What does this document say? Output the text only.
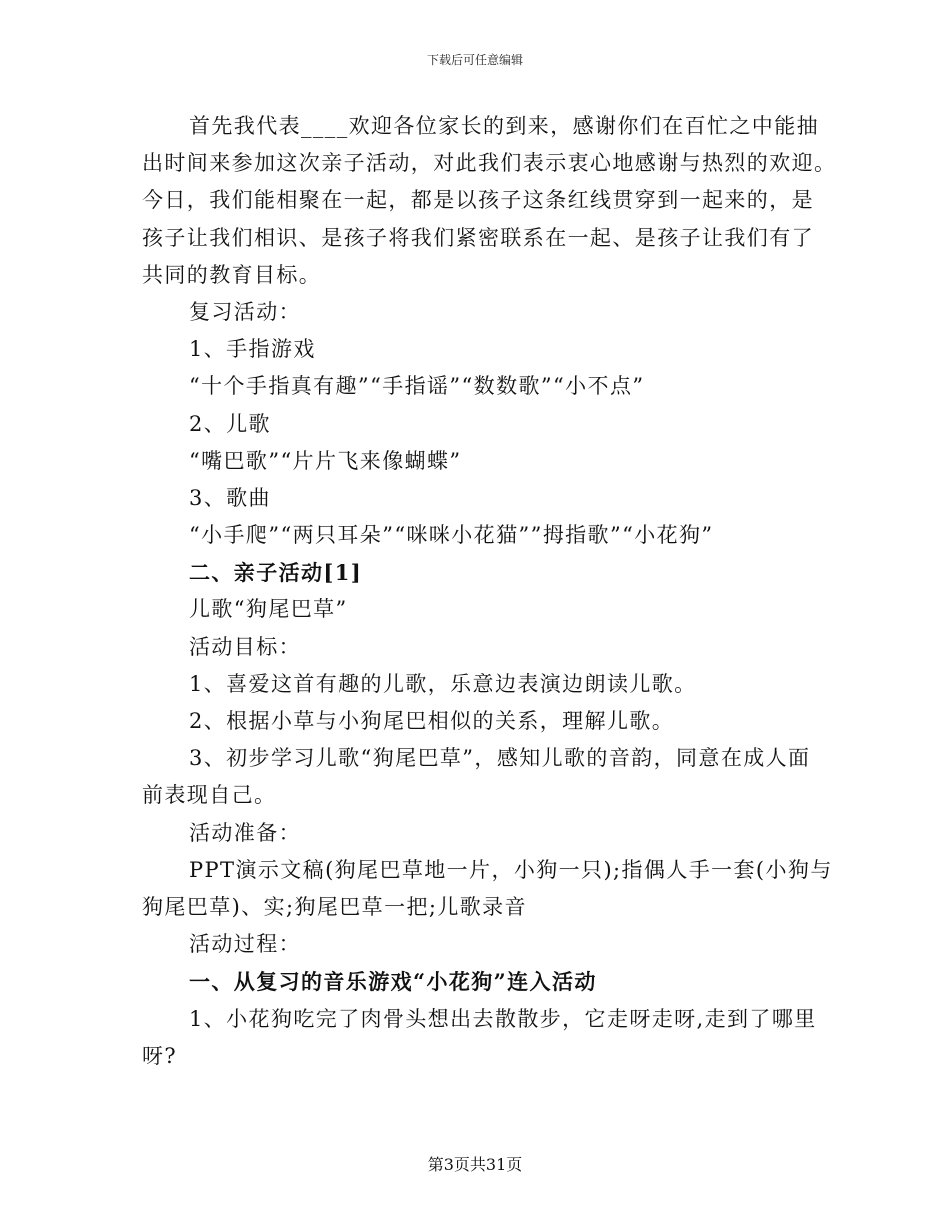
下载后可任意编辑
首先我代表____欢迎各位家长的到来，感谢你们在百忙之中能抽
出时间来参加这次亲子活动，对此我们表示衷心地感谢与热烈的欢迎。
今日，我们能相聚在一起，都是以孩子这条红线贯穿到一起来的，是
孩子让我们相识、是孩子将我们紧密联系在一起、是孩子让我们有了
共同的教育目标。
复习活动：
1、手指游戏
“十个手指真有趣”“手指谣”“数数歌”“小不点”
2、儿歌
“嘴巴歌”“片片飞来像蝴蝶”
3、歌曲
“小手爬”“两只耳朵”“咪咪小花猫””拇指歌”“小花狗”
二、亲子活动[1]
儿歌“狗尾巴草”
活动目标：
1、喜爱这首有趣的儿歌，乐意边表演边朗读儿歌。
2、根据小草与小狗尾巴相似的关系，理解儿歌。
3、初步学习儿歌“狗尾巴草”，感知儿歌的音韵，同意在成人面
前表现自己。
活动准备：
PPT演示文稿(狗尾巴草地一片，小狗一只);指偶人手一套(小狗与
狗尾巴草)、实;狗尾巴草一把;儿歌录音
活动过程：
一、从复习的音乐游戏“小花狗”连入活动
1、小花狗吃完了肉骨头想出去散散步，它走呀走呀,走到了哪里
呀?
第3页共31页
